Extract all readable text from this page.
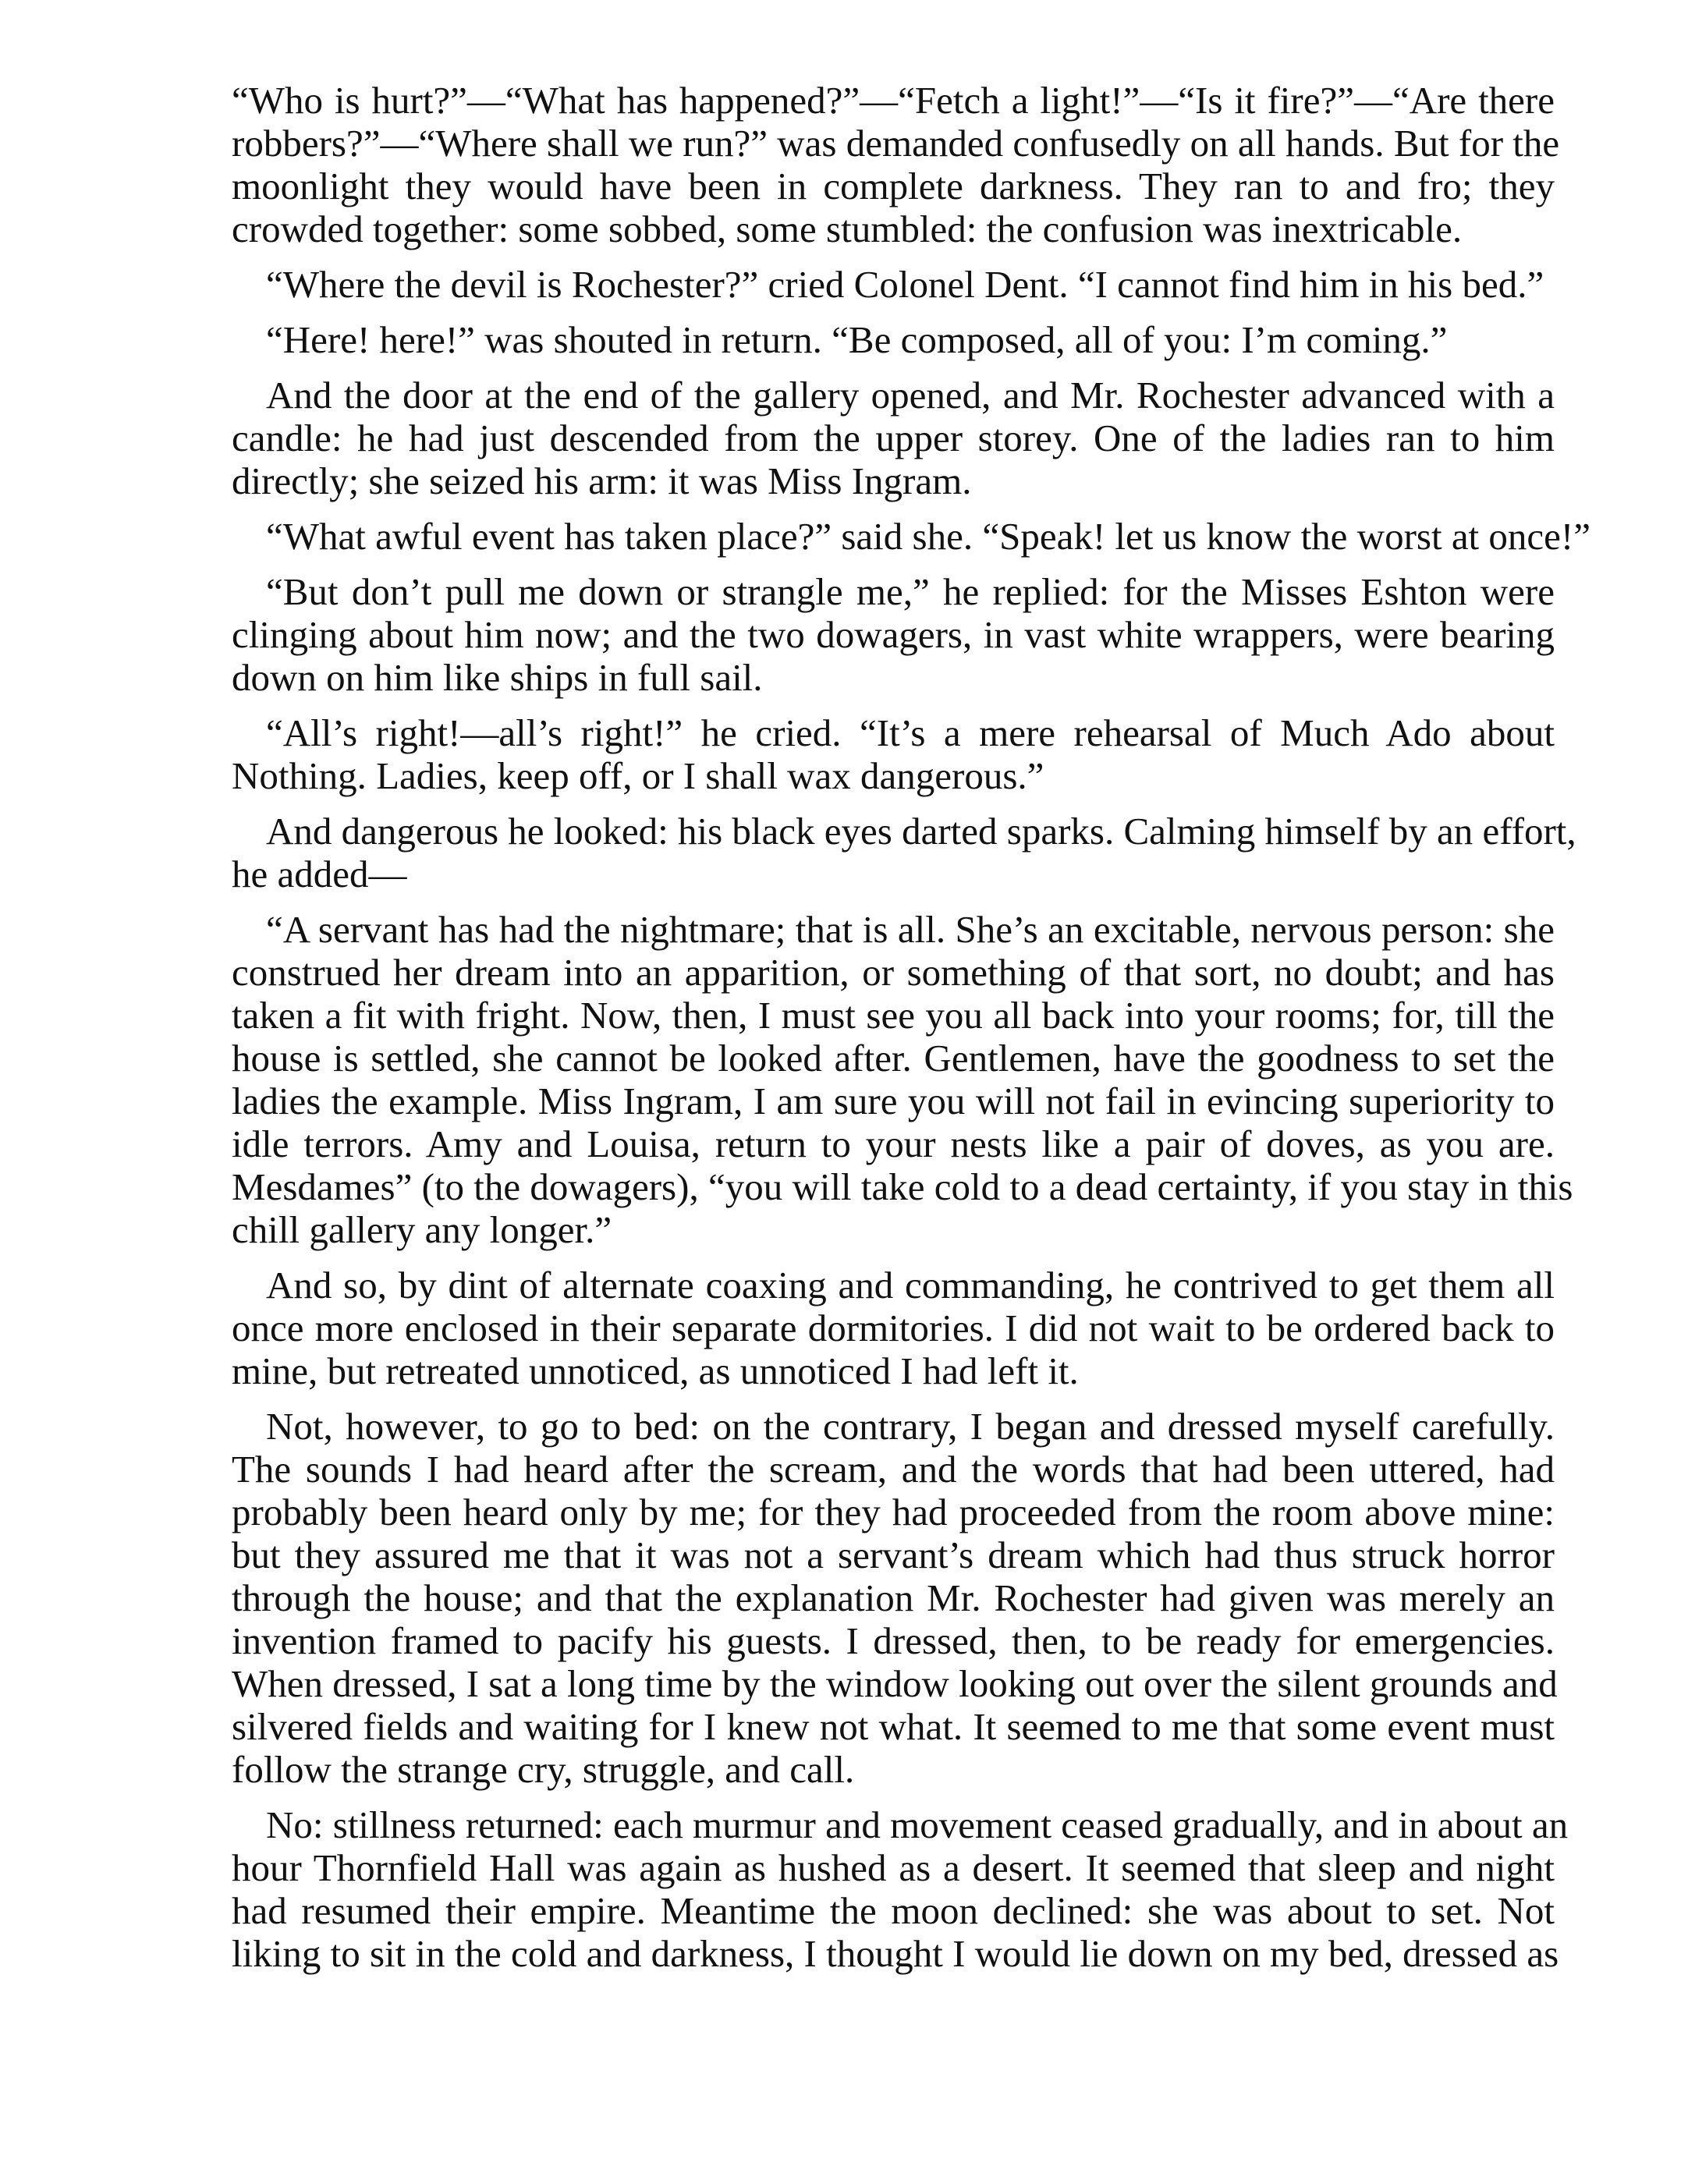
“Who is hurt?”—“What has happened?”—“Fetch a light!”—“Is it fire?”—“Are there
robbers?”—“Where shall we run?” was demanded confusedly on all hands. But for the
moonlight they would have been in complete darkness. They ran to and fro; they
crowded together: some sobbed, some stumbled: the confusion was inextricable.
“Where the devil is Rochester?” cried Colonel Dent. “I cannot find him in his bed.”
“Here! here!” was shouted in return. “Be composed, all of you: I’m coming.”
And the door at the end of the gallery opened, and Mr. Rochester advanced with a
candle: he had just descended from the upper storey. One of the ladies ran to him
directly; she seized his arm: it was Miss Ingram.
“What awful event has taken place?” said she. “Speak! let us know the worst at once!”
“But don’t pull me down or strangle me,” he replied: for the Misses Eshton were
clinging about him now; and the two dowagers, in vast white wrappers, were bearing
down on him like ships in full sail.
“All’s right!—all’s right!” he cried. “It’s a mere rehearsal of Much Ado about
Nothing. Ladies, keep off, or I shall wax dangerous.”
And dangerous he looked: his black eyes darted sparks. Calming himself by an effort,
he added—
“A servant has had the nightmare; that is all. She’s an excitable, nervous person: she
construed her dream into an apparition, or something of that sort, no doubt; and has
taken a fit with fright. Now, then, I must see you all back into your rooms; for, till the
house is settled, she cannot be looked after. Gentlemen, have the goodness to set the
ladies the example. Miss Ingram, I am sure you will not fail in evincing superiority to
idle terrors. Amy and Louisa, return to your nests like a pair of doves, as you are.
Mesdames” (to the dowagers), “you will take cold to a dead certainty, if you stay in this
chill gallery any longer.”
And so, by dint of alternate coaxing and commanding, he contrived to get them all
once more enclosed in their separate dormitories. I did not wait to be ordered back to
mine, but retreated unnoticed, as unnoticed I had left it.
Not, however, to go to bed: on the contrary, I began and dressed myself carefully.
The sounds I had heard after the scream, and the words that had been uttered, had
probably been heard only by me; for they had proceeded from the room above mine:
but they assured me that it was not a servant’s dream which had thus struck horror
through the house; and that the explanation Mr. Rochester had given was merely an
invention framed to pacify his guests. I dressed, then, to be ready for emergencies.
When dressed, I sat a long time by the window looking out over the silent grounds and
silvered fields and waiting for I knew not what. It seemed to me that some event must
follow the strange cry, struggle, and call.
No: stillness returned: each murmur and movement ceased gradually, and in about an
hour Thornfield Hall was again as hushed as a desert. It seemed that sleep and night
had resumed their empire. Meantime the moon declined: she was about to set. Not
liking to sit in the cold and darkness, I thought I would lie down on my bed, dressed as
